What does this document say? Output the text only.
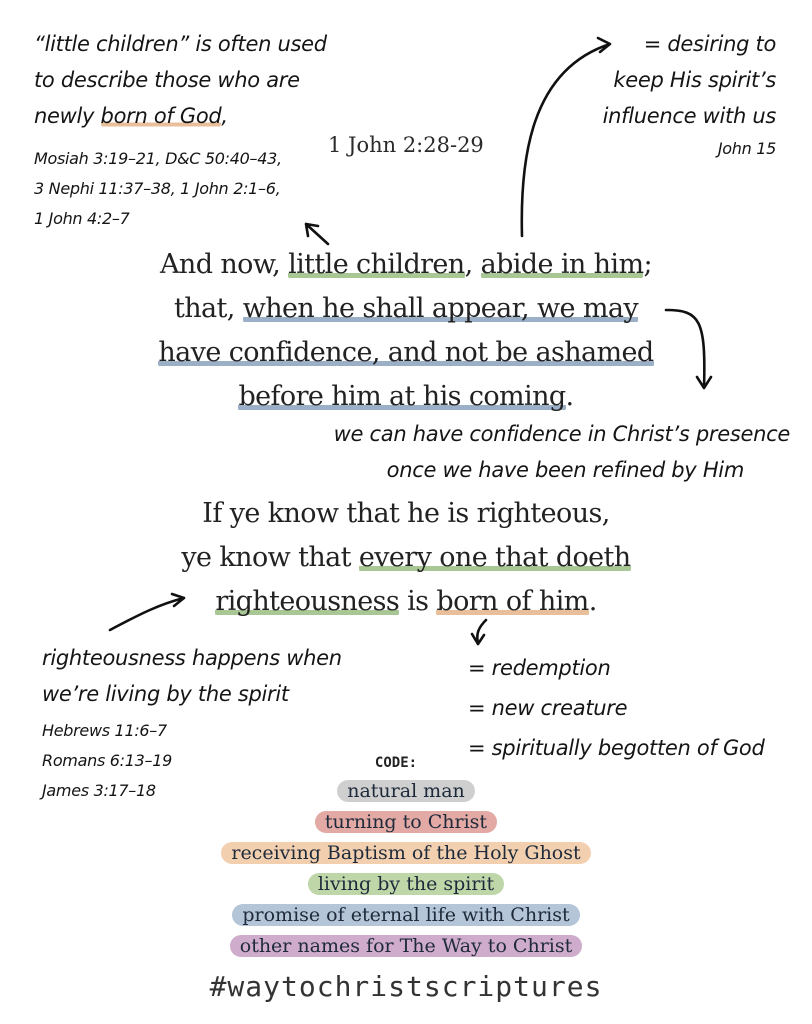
“little children” is often used
to describe those who are
newly born of God,
Mosiah 3:19–21, D&C 50:40–43,
3 Nephi 11:37–38, 1 John 2:1–6,
1 John 4:2–7
1 John 2:28-29
= desiring to
keep His spirit’s
influence with us
John 15
And now, little children, abide in him;
that, when he shall appear, we may
have confidence, and not be ashamed
before him at his coming.
we can have confidence in Christ’s presence
once we have been refined by Him
If ye know that he is righteous,
ye know that every one that doeth
righteousness is born of him.
righteousness happens when
we’re living by the spirit
Hebrews 11:6–7
Romans 6:13–19
James 3:17–18
= redemption
= new creature
= spiritually begotten of God
CODE:
natural man
turning to Christ
receiving Baptism of the Holy Ghost
living by the spirit
promise of eternal life with Christ
other names for The Way to Christ
#waytochristscriptures
